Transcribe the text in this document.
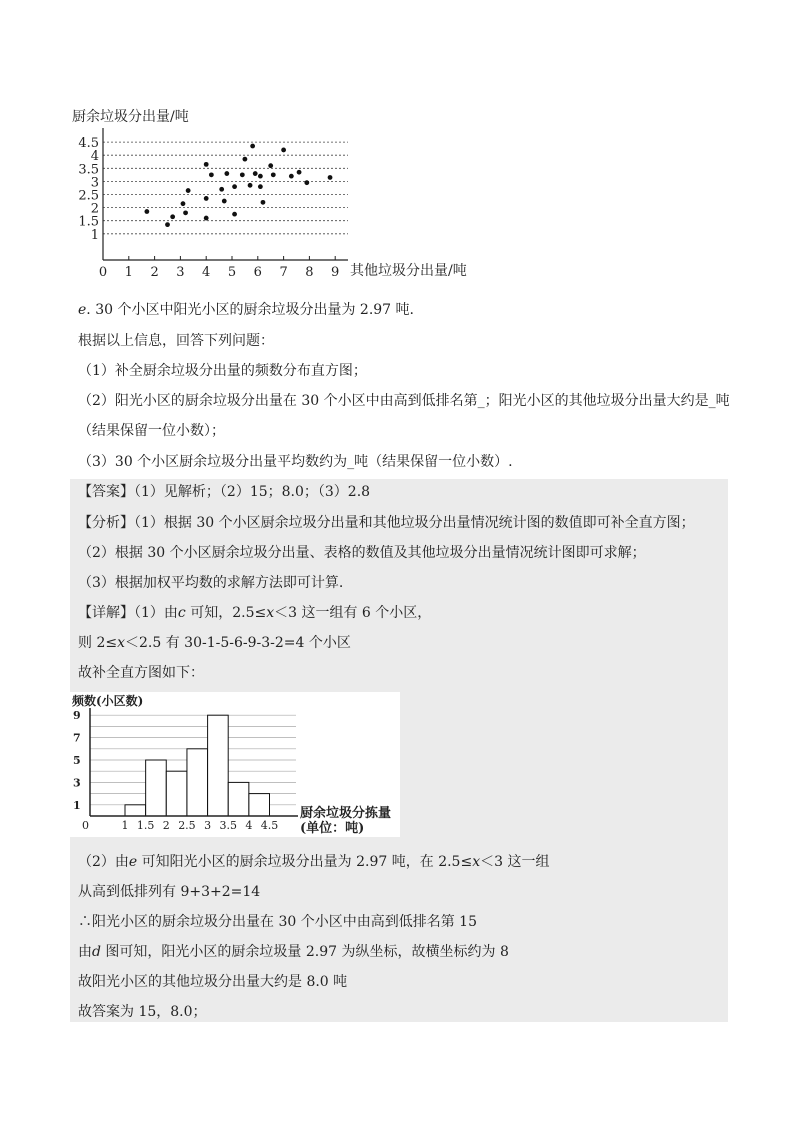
厨余垃圾分出量/吨
1
1.5
2
2.5
3
3.5
4
4.5
0 1 2 3 4 5 6 7 8 9 其他垃圾分出量/吨
e. 30 个小区中阳光小区的厨余垃圾分出量为 2.97 吨.
根据以上信息，回答下列问题：
（1）补全厨余垃圾分出量的频数分布直方图；
（2）阳光小区的厨余垃圾分出量在 30 个小区中由高到低排名第_；阳光小区的其他垃圾分出量大约是_吨
（结果保留一位小数）；
（3）30 个小区厨余垃圾分出量平均数约为_吨（结果保留一位小数）.
【答案】（1）见解析；（2）15；8.0；（3）2.8
【分析】（1）根据 30 个小区厨余垃圾分出量和其他垃圾分出量情况统计图的数值即可补全直方图；
（2）根据 30 个小区厨余垃圾分出量、表格的数值及其他垃圾分出量情况统计图即可求解；
（3）根据加权平均数的求解方法即可计算.
【详解】（1）由c 可知，2.5≤x＜3 这一组有 6 个小区，
则 2≤x＜2.5 有 30-1-5-6-9-3-2=4 个小区
故补全直方图如下：
频数(小区数)
1
3
5
7
9
0	1 1.5 2 2.5 3 3.5 4 4.5
厨余垃圾分拣量
(单位：吨)
（2）由e 可知阳光小区的厨余垃圾分出量为 2.97 吨，在 2.5≤x＜3 这一组
从高到低排列有 9+3+2=14
∴阳光小区的厨余垃圾分出量在 30 个小区中由高到低排名第 15
由d 图可知，阳光小区的厨余垃圾量 2.97 为纵坐标，故横坐标约为 8
故阳光小区的其他垃圾分出量大约是 8.0 吨
故答案为 15，8.0；
